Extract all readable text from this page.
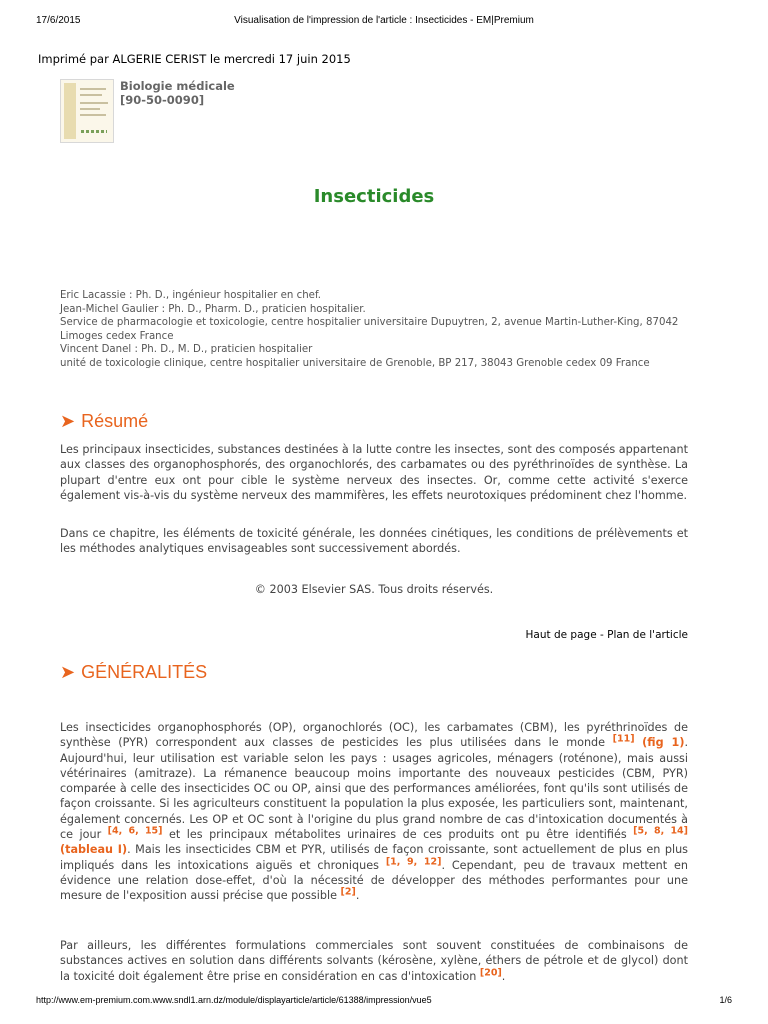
17/6/2015	Visualisation de l'impression de l'article : Insecticides - EM|Premium
Imprimé par ALGERIE CERIST le mercredi 17 juin 2015
Biologie médicale
[90-50-0090]
Insecticides
Eric Lacassie : Ph. D., ingénieur hospitalier en chef.
Jean-Michel Gaulier : Ph. D., Pharm. D., praticien hospitalier.
Service de pharmacologie et toxicologie, centre hospitalier universitaire Dupuytren, 2, avenue Martin-Luther-King, 87042 Limoges cedex France
Vincent Danel : Ph. D., M. D., praticien hospitalier
unité de toxicologie clinique, centre hospitalier universitaire de Grenoble, BP 217, 38043 Grenoble cedex 09 France
➤ Résumé
Les principaux insecticides, substances destinées à la lutte contre les insectes, sont des composés appartenant aux classes des organophosphorés, des organochlorés, des carbamates ou des pyréthrinoïdes de synthèse. La plupart d'entre eux ont pour cible le système nerveux des insectes. Or, comme cette activité s'exerce également vis-à-vis du système nerveux des mammifères, les effets neurotoxiques prédominent chez l'homme.
Dans ce chapitre, les éléments de toxicité générale, les données cinétiques, les conditions de prélèvements et les méthodes analytiques envisageables sont successivement abordés.
© 2003 Elsevier SAS. Tous droits réservés.
Haut de page - Plan de l'article
➤ GÉNÉRALITÉS
Les insecticides organophosphorés (OP), organochlorés (OC), les carbamates (CBM), les pyréthrinoïdes de synthèse (PYR) correspondent aux classes de pesticides les plus utilisées dans le monde [11] (fig 1). Aujourd'hui, leur utilisation est variable selon les pays : usages agricoles, ménagers (roténone), mais aussi vétérinaires (amitraze). La rémanence beaucoup moins importante des nouveaux pesticides (CBM, PYR) comparée à celle des insecticides OC ou OP, ainsi que des performances améliorées, font qu'ils sont utilisés de façon croissante. Si les agriculteurs constituent la population la plus exposée, les particuliers sont, maintenant, également concernés. Les OP et OC sont à l'origine du plus grand nombre de cas d'intoxication documentés à ce jour [4, 6, 15] et les principaux métabolites urinaires de ces produits ont pu être identifiés [5, 8, 14] (tableau I). Mais les insecticides CBM et PYR, utilisés de façon croissante, sont actuellement de plus en plus impliqués dans les intoxications aiguës et chroniques [1, 9, 12]. Cependant, peu de travaux mettent en évidence une relation dose-effet, d'où la nécessité de développer des méthodes performantes pour une mesure de l'exposition aussi précise que possible [2].
Par ailleurs, les différentes formulations commerciales sont souvent constituées de combinaisons de substances actives en solution dans différents solvants (kérosène, xylène, éthers de pétrole et de glycol) dont la toxicité doit également être prise en considération en cas d'intoxication [20].
http://www.em-premium.com.www.sndl1.arn.dz/module/displayarticle/article/61388/impression/vue5	1/6
